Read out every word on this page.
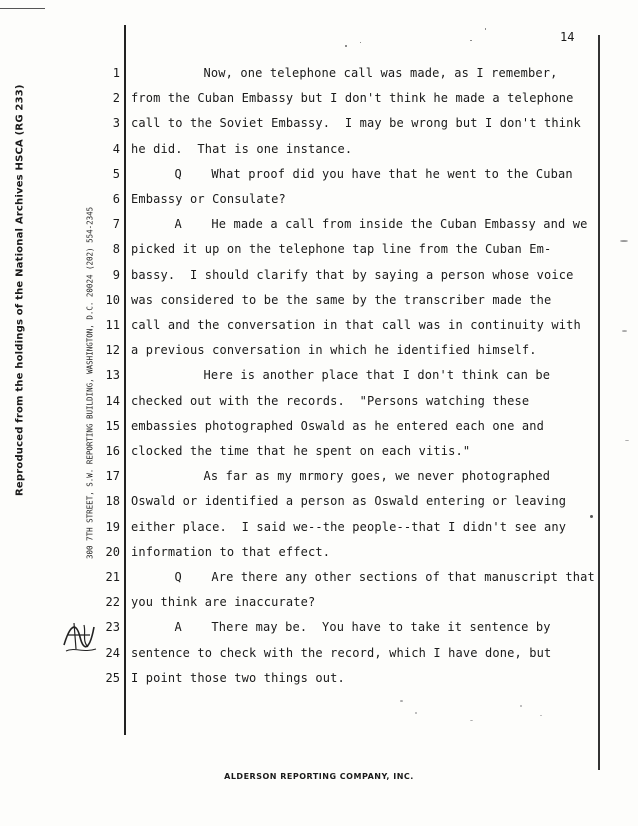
Reproduced from the holdings of the National Archives HSCA (RG 233)	300 7TH STREET, S.W. REPORTING BUILDING, WASHINGTON, D.C. 20024 (202) 554-2345
14
1	Now, one telephone call was made, as I remember,
2 from the Cuban Embassy but I don't think he made a telephone
3 call to the Soviet Embassy.  I may be wrong but I don't think
4 he did.  That is one instance.
5	Q    What proof did you have that he went to the Cuban
6 Embassy or Consulate?
7	A    He made a call from inside the Cuban Embassy and we
8 picked it up on the telephone tap line from the Cuban Em-
9 bassy.  I should clarify that by saying a person whose voice
10 was considered to be the same by the transcriber made the
11 call and the conversation in that call was in continuity with
12 a previous conversation in which he identified himself.
13	Here is another place that I don't think can be
14 checked out with the records.  "Persons watching these
15 embassies photographed Oswald as he entered each one and
16 clocked the time that he spent on each vitis."
17	As far as my mrmory goes, we never photographed
18 Oswald or identified a person as Oswald entering or leaving
19 either place.  I said we--the people--that I didn't see any
20 information to that effect.
21	Q    Are there any other sections of that manuscript that
22 you think are inaccurate?
23	A    There may be.  You have to take it sentence by
24 sentence to check with the record, which I have done, but
25 I point those two things out.
ALDERSON REPORTING COMPANY, INC.
